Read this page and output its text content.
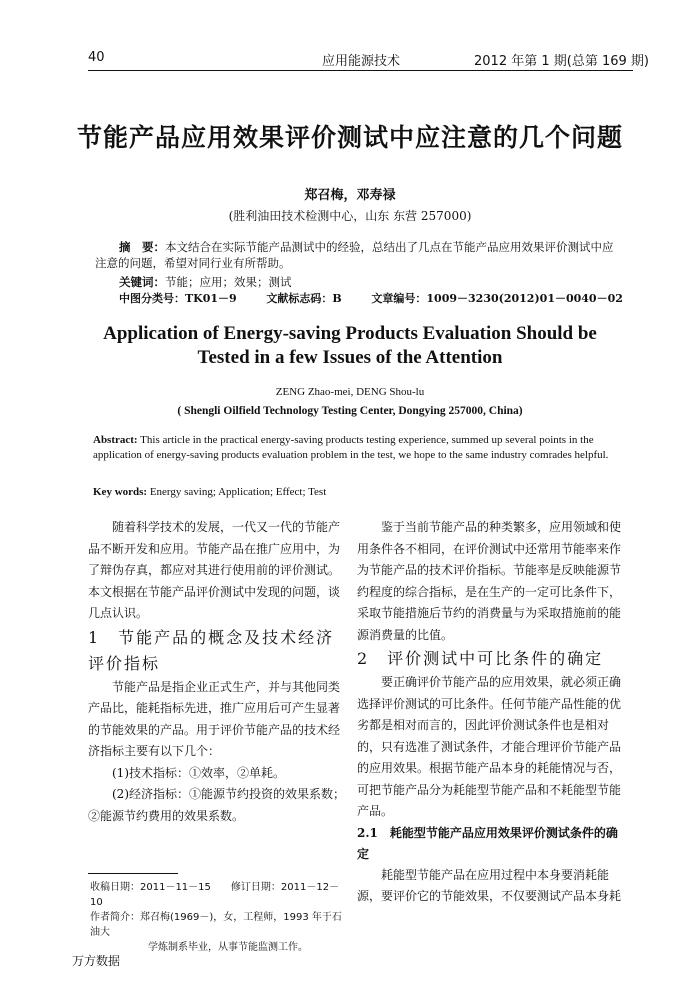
40	应用能源技术	2012 年第 1 期(总第 169 期)
节能产品应用效果评价测试中应注意的几个问题
郑召梅，邓寿禄
(胜利油田技术检测中心，山东 东营 257000)
摘　要：本文结合在实际节能产品测试中的经验，总结出了几点在节能产品应用效果评价测试中应注意的问题，希望对同行业有所帮助。
关键词：节能；应用；效果；测试
中图分类号：TK01－9	文献标志码：B	文章编号：1009－3230(2012)01－0040－02
Application of Energy-saving Products Evaluation Should be
Tested in a few Issues of the Attention
ZENG Zhao-mei, DENG Shou-lu
( Shengli Oilfield Technology Testing Center, Dongying 257000, China)
Abstract: This article in the practical energy-saving products testing experience, summed up several points in the application of energy-saving products evaluation problem in the test, we hope to the same industry comrades helpful.
Key words: Energy saving; Application; Effect; Test

随着科学技术的发展，一代又一代的节能产品不断开发和应用。节能产品在推广应用中，为了辩伪存真，都应对其进行使用前的评价测试。本文根据在节能产品评价测试中发现的问题，谈几点认识。

1　节能产品的概念及技术经济评价指标

节能产品是指企业正式生产，并与其他同类产品比，能耗指标先进，推广应用后可产生显著的节能效果的产品。用于评价节能产品的技术经济指标主要有以下几个：

(1)技术指标：①效率，②单耗。

(2)经济指标：①能源节约投资的效果系数；

②能源节约费用的效果系数。

收稿日期：2011－11－15　　修订日期：2011－12－10
作者简介：郑召梅(1969－)，女，工程师，1993 年于石油大
学炼制系毕业，从事节能监测工作。

鉴于当前节能产品的种类繁多，应用领域和使用条件各不相同，在评价测试中还常用节能率来作为节能产品的技术评价指标。节能率是反映能源节约程度的综合指标，是在生产的一定可比条件下，采取节能措施后节约的消费量与为采取措施前的能源消费量的比值。

2　评价测试中可比条件的确定

要正确评价节能产品的应用效果，就必须正确选择评价测试的可比条件。任何节能产品性能的优劣都是相对而言的，因此评价测试条件也是相对的，只有选准了测试条件，才能合理评价节能产品的应用效果。根据节能产品本身的耗能情况与否，可把节能产品分为耗能型节能产品和不耗能型节能产品。

2.1　耗能型节能产品应用效果评价测试条件的确定

耗能型节能产品在应用过程中本身要消耗能源，要评价它的节能效果，不仅要测试产品本身耗

万方数据
